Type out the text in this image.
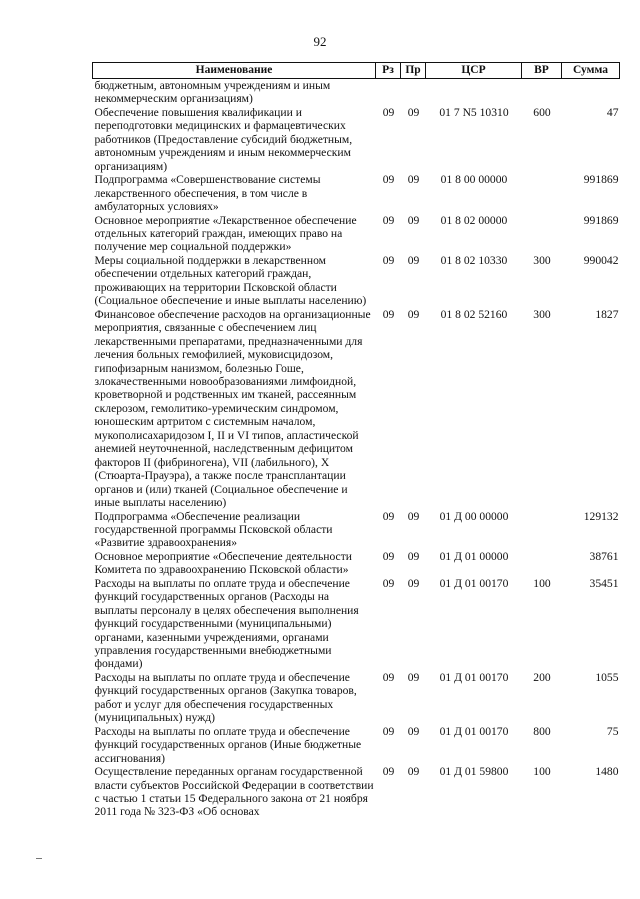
92
Наименование	Рз	Пр	ЦСР	ВР	Сумма
бюджетным, автономным учреждениям и иным некоммерческим организациям)					
Обеспечение повышения квалификации и переподготовки медицинских и фармацевтических работников (Предоставление субсидий бюджетным, автономным учреждениям и иным некоммерческим организациям)	09	09	01 7 N5 10310	600	47
Подпрограмма «Совершенствование системы лекарственного обеспечения, в том числе в амбулаторных условиях»	09	09	01 8 00 00000		991869
Основное мероприятие «Лекарственное обеспечение отдельных категорий граждан, имеющих право на получение мер социальной поддержки»	09	09	01 8 02 00000		991869
Меры социальной поддержки в лекарственном обеспечении отдельных категорий граждан, проживающих на территории Псковской области (Социальное обеспечение и иные выплаты населению)	09	09	01 8 02 10330	300	990042
Финансовое обеспечение расходов на организационные мероприятия, связанные с обеспечением лиц лекарственными препаратами, предназначенными для лечения больных гемофилией, муковисцидозом, гипофизарным нанизмом, болезнью Гоше, злокачественными новообразованиями лимфоидной, кроветворной и родственных им тканей, рассеянным склерозом, гемолитико-уремическим синдромом, юношеским артритом с системным началом, мукополисахаридозом I, II и VI типов, апластической анемией неуточненной, наследственным дефицитом факторов II (фибриногена), VII (лабильного), X (Стюарта-Прауэра), а также после трансплантации органов и (или) тканей (Социальное обеспечение и иные выплаты населению)	09	09	01 8 02 52160	300	1827
Подпрограмма «Обеспечение реализации государственной программы Псковской области «Развитие здравоохранения»	09	09	01 Д 00 00000		129132
Основное мероприятие «Обеспечение деятельности Комитета по здравоохранению Псковской области»	09	09	01 Д 01 00000		38761
Расходы на выплаты по оплате труда и обеспечение функций государственных органов (Расходы на выплаты персоналу в целях обеспечения выполнения функций государственными (муниципальными) органами, казенными учреждениями, органами управления государственными внебюджетными фондами)	09	09	01 Д 01 00170	100	35451
Расходы на выплаты по оплате труда и обеспечение функций государственных органов (Закупка товаров, работ и услуг для обеспечения государственных (муниципальных) нужд)	09	09	01 Д 01 00170	200	1055
Расходы на выплаты по оплате труда и обеспечение функций государственных органов (Иные бюджетные ассигнования)	09	09	01 Д 01 00170	800	75
Осуществление переданных органам государственной власти субъектов Российской Федерации в соответствии с частью 1 статьи 15 Федерального закона от 21 ноября 2011 года № 323-ФЗ «Об основах	09	09	01 Д 01 59800	100	1480
